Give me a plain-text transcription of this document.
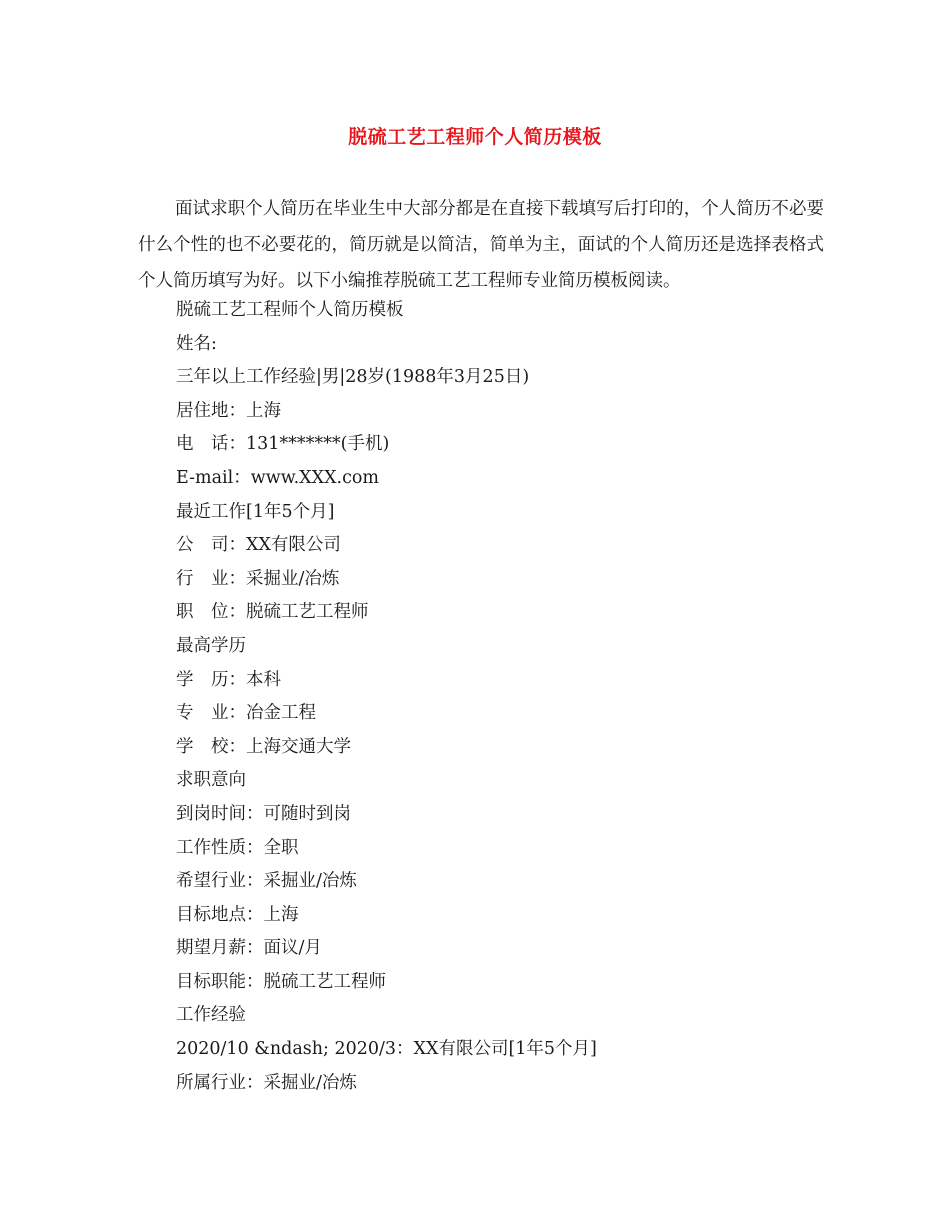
脱硫工艺工程师个人简历模板

面试求职个人简历在毕业生中大部分都是在直接下载填写后打印的，个人简历不必要什么个性的也不必要花的，简历就是以简洁，简单为主，面试的个人简历还是选择表格式个人简历填写为好。以下小编推荐脱硫工艺工程师专业简历模板阅读。

脱硫工艺工程师个人简历模板
姓名:
三年以上工作经验|男|28岁(1988年3月25日)
居住地：上海
电　话：131*******(手机)
E-mail：www.XXX.com
最近工作[1年5个月]
公　司：XX有限公司
行　业：采掘业/冶炼
职　位：脱硫工艺工程师
最高学历
学　历：本科
专　业：冶金工程
学　校：上海交通大学
求职意向
到岗时间：可随时到岗
工作性质：全职
希望行业：采掘业/冶炼
目标地点：上海
期望月薪：面议/月
目标职能：脱硫工艺工程师
工作经验
2020/10 &ndash; 2020/3：XX有限公司[1年5个月]
所属行业：采掘业/冶炼
